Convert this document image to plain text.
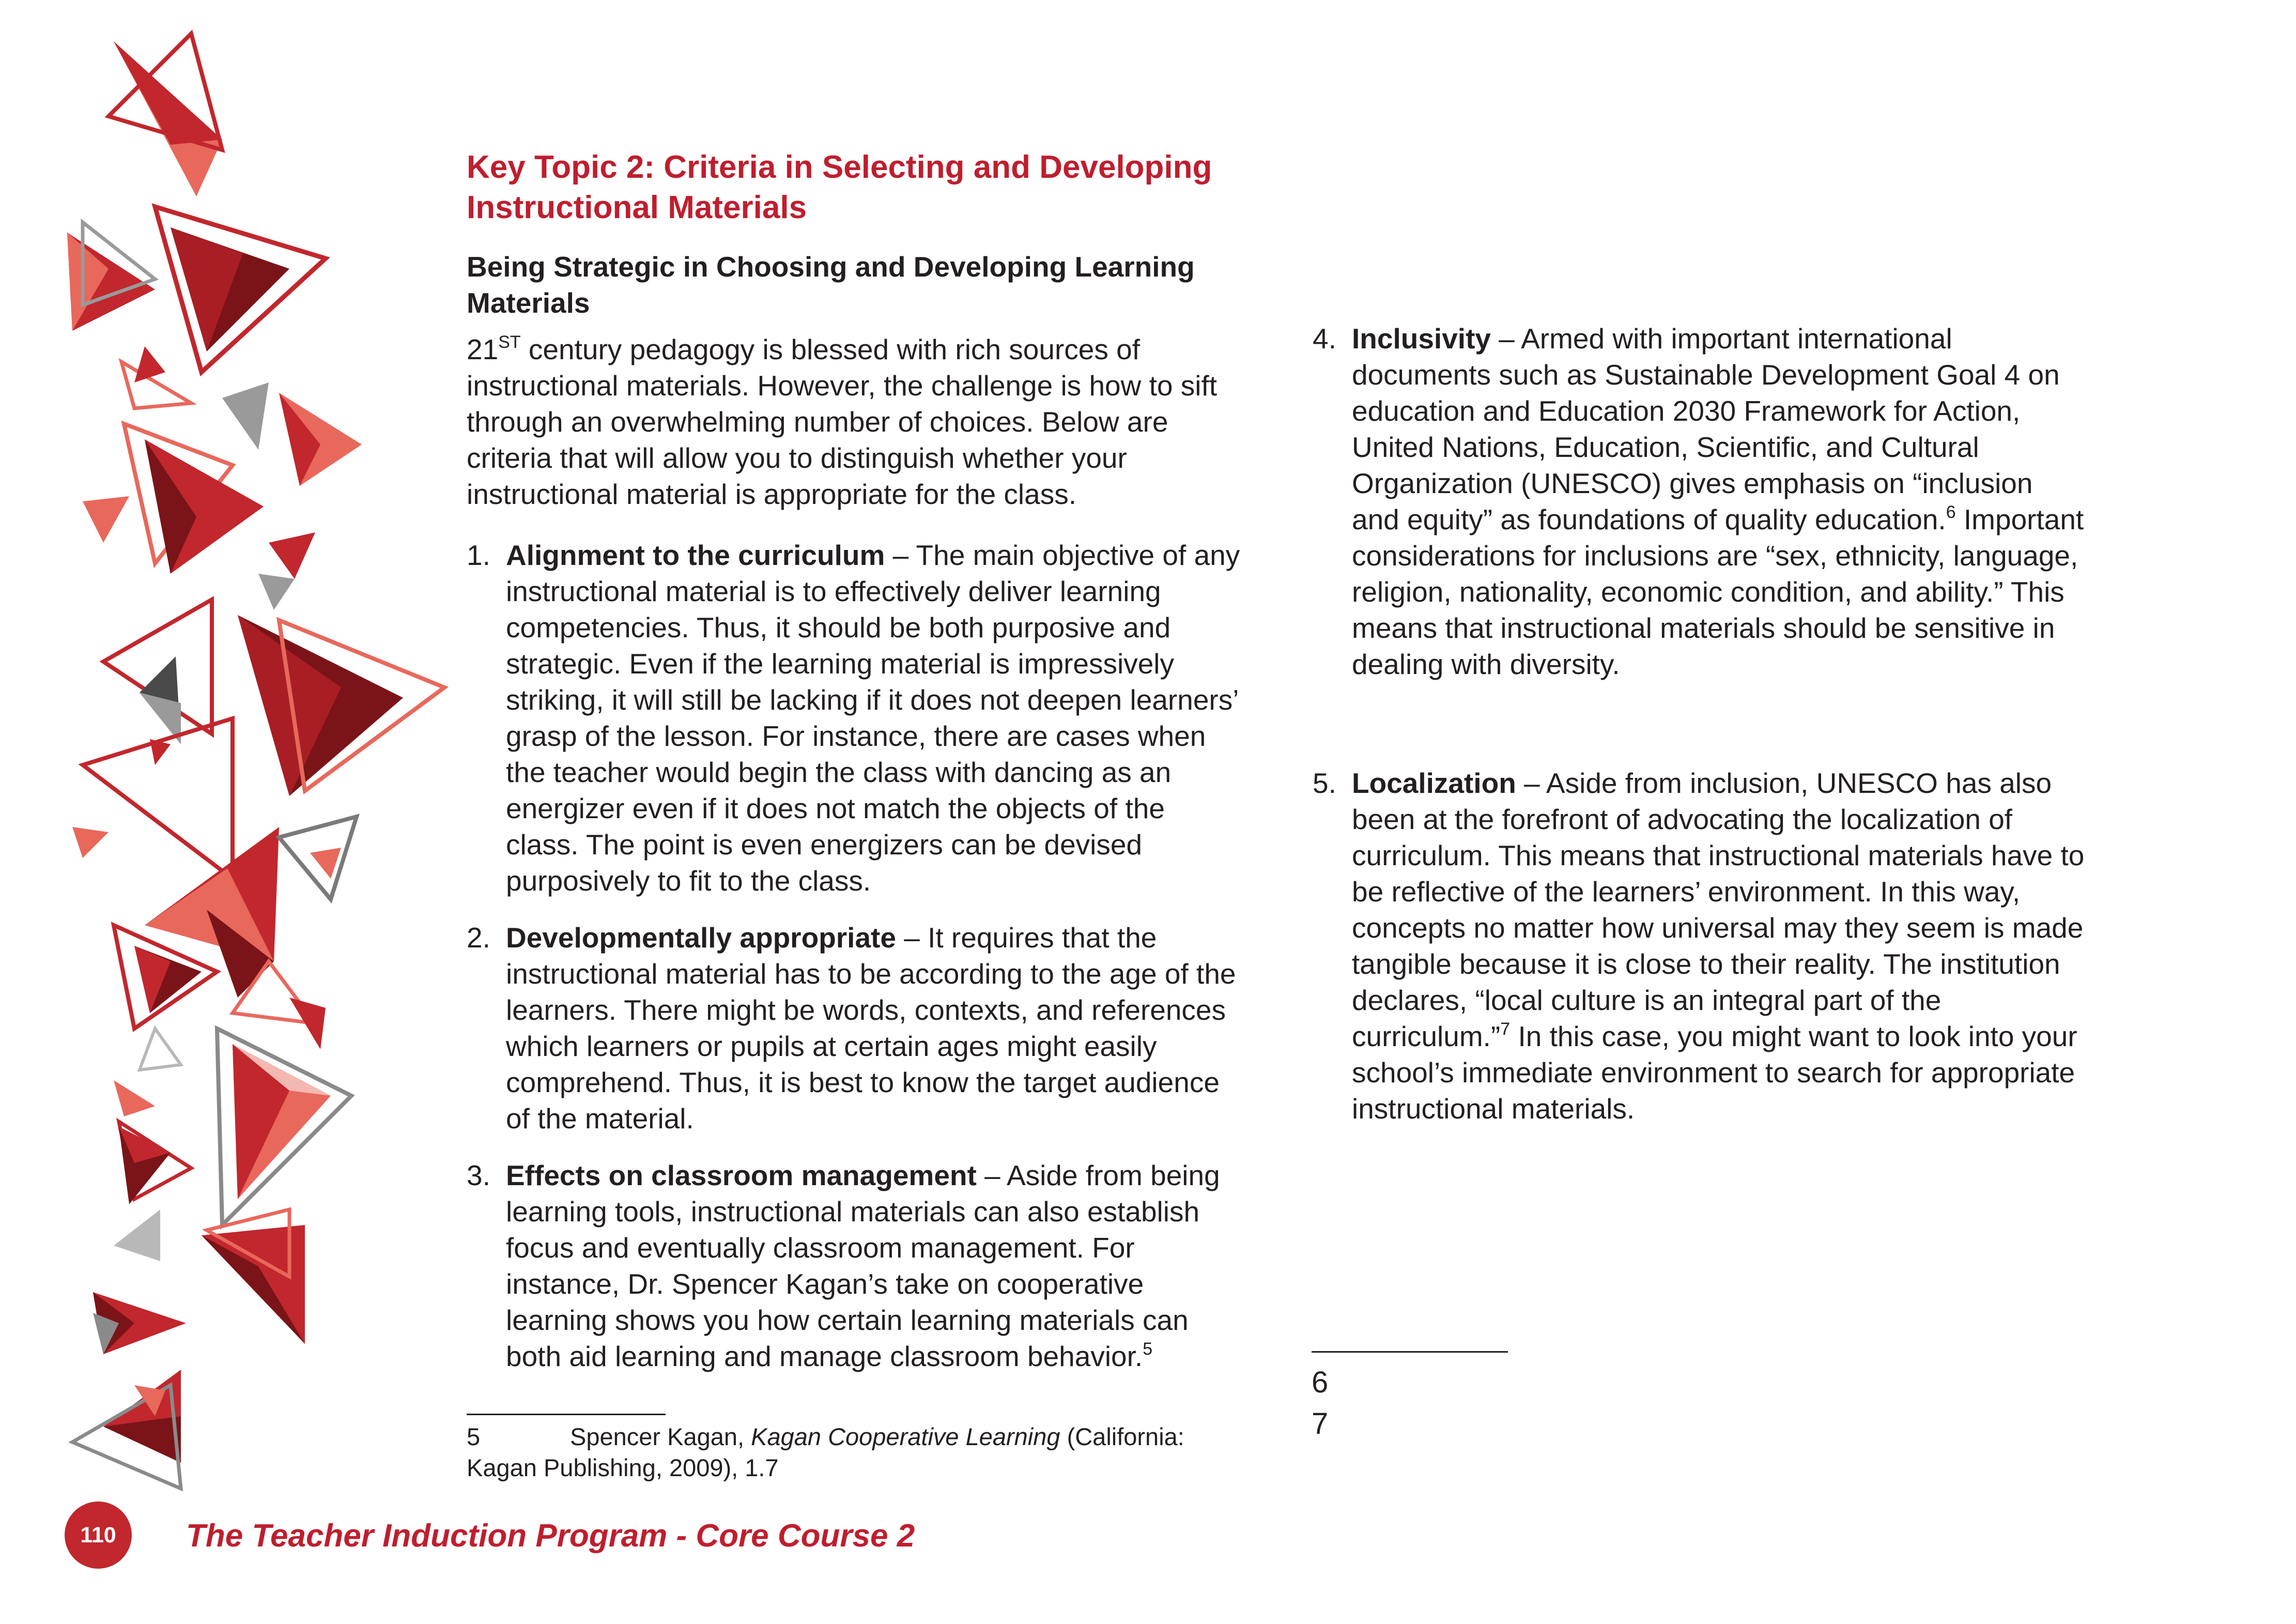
Key Topic 2: Criteria in Selecting and Developing
Instructional Materials
Being Strategic in Choosing and Developing Learning
Materials
21ST century pedagogy is blessed with rich sources of instructional materials. However, the challenge is how to sift through an overwhelming number of choices. Below are criteria that will allow you to distinguish whether your instructional material is appropriate for the class.
1. Alignment to the curriculum – The main objective of any instructional material is to effectively deliver learning competencies. Thus, it should be both purposive and strategic. Even if the learning material is impressively striking, it will still be lacking if it does not deepen learners’ grasp of the lesson. For instance, there are cases when the teacher would begin the class with dancing as an energizer even if it does not match the objects of the class. The point is even energizers can be devised purposively to fit to the class.
2. Developmentally appropriate – It requires that the instructional material has to be according to the age of the learners. There might be words, contexts, and references which learners or pupils at certain ages might easily comprehend. Thus, it is best to know the target audience of the material.
3. Effects on classroom management – Aside from being learning tools, instructional materials can also establish focus and eventually classroom management. For instance, Dr. Spencer Kagan’s take on cooperative learning shows you how certain learning materials can both aid learning and manage classroom behavior.$^5$
5	Spencer Kagan, Kagan Cooperative Learning (California: Kagan Publishing, 2009), 1.7
4. Inclusivity – Armed with important international documents such as Sustainable Development Goal 4 on education and Education 2030 Framework for Action, United Nations, Education, Scientific, and Cultural Organization (UNESCO) gives emphasis on “inclusion and equity” as foundations of quality education.$^6$ Important considerations for inclusions are “sex, ethnicity, language, religion, nationality, economic condition, and ability.” This means that instructional materials should be sensitive in dealing with diversity.
5. Localization – Aside from inclusion, UNESCO has also been at the forefront of advocating the localization of curriculum. This means that instructional materials have to be reflective of the learners’ environment. In this way, concepts no matter how universal may they seem is made tangible because it is close to their reality. The institution declares, “local culture is an integral part of the curriculum.”$^7$ In this case, you might want to look into your school’s immediate environment to search for appropriate instructional materials.
6
7
110	The Teacher Induction Program - Core Course 2
